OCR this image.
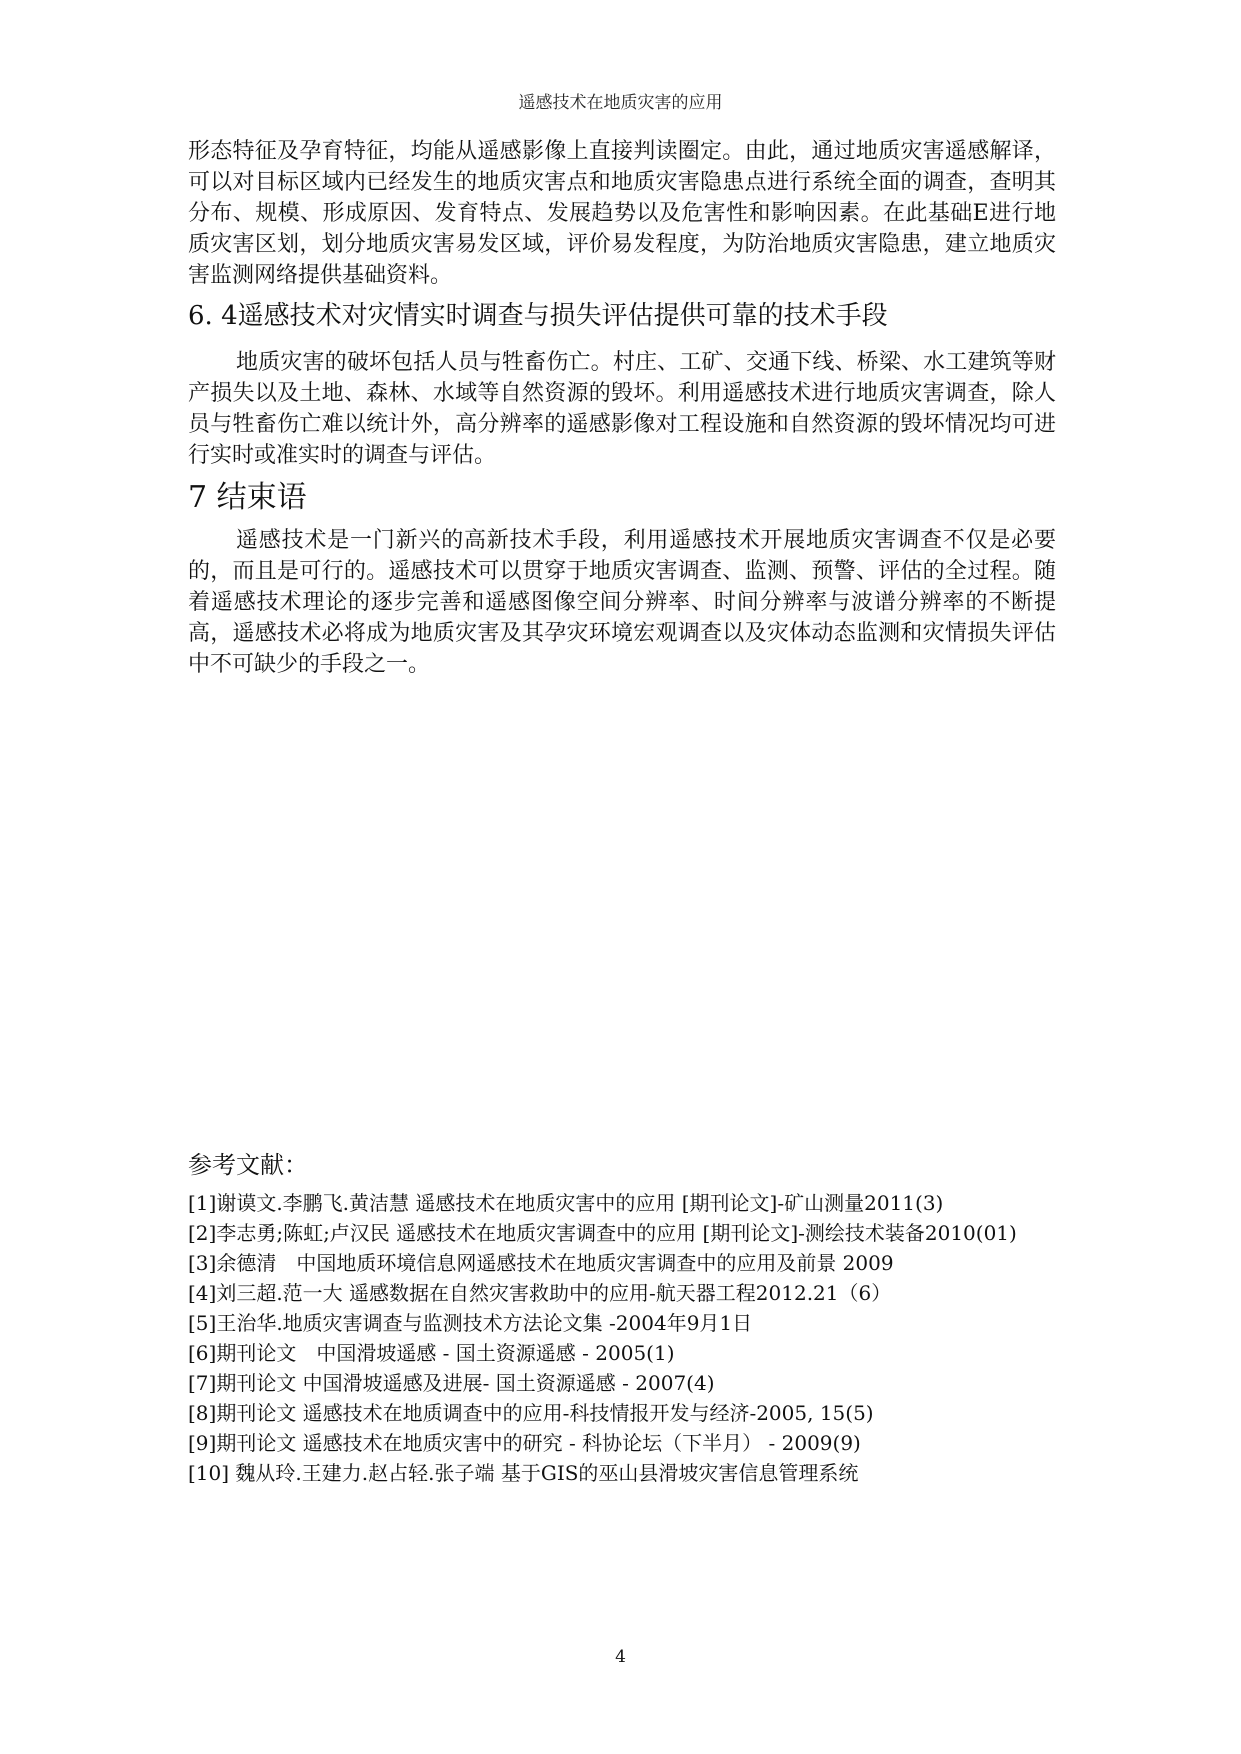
遥感技术在地质灾害的应用

形态特征及孕育特征，均能从遥感影像上直接判读圈定。由此，通过地质灾害遥感解译，可以对目标区域内已经发生的地质灾害点和地质灾害隐患点进行系统全面的调查，查明其分布、规模、形成原因、发育特点、发展趋势以及危害性和影响因素。在此基础E进行地质灾害区划，划分地质灾害易发区域，评价易发程度，为防治地质灾害隐患，建立地质灾害监测网络提供基础资料。

6. 4遥感技术对灾情实时调查与损失评估提供可靠的技术手段

地质灾害的破坏包括人员与牲畜伤亡。村庄、工矿、交通下线、桥梁、水工建筑等财产损失以及土地、森林、水域等自然资源的毁坏。利用遥感技术进行地质灾害调查，除人员与牲畜伤亡难以统计外，高分辨率的遥感影像对工程设施和自然资源的毁坏情况均可进行实时或准实时的调查与评估。

7 结束语

遥感技术是一门新兴的高新技术手段，利用遥感技术开展地质灾害调查不仅是必要的，而且是可行的。遥感技术可以贯穿于地质灾害调查、监测、预警、评估的全过程。随着遥感技术理论的逐步完善和遥感图像空间分辨率、时间分辨率与波谱分辨率的不断提高，遥感技术必将成为地质灾害及其孕灾环境宏观调查以及灾体动态监测和灾情损失评估中不可缺少的手段之一。

参考文献：
[1]谢谟文.李鹏飞.黄洁慧 遥感技术在地质灾害中的应用 [期刊论文]-矿山测量2011(3)
[2]李志勇;陈虹;卢汉民 遥感技术在地质灾害调查中的应用 [期刊论文]-测绘技术装备2010(01)
[3]余德清　中国地质环境信息网遥感技术在地质灾害调查中的应用及前景 2009
[4]刘三超.范一大 遥感数据在自然灾害救助中的应用-航天器工程2012.21（6）
[5]王治华.地质灾害调查与监测技术方法论文集 -2004年9月1日
[6]期刊论文　中国滑坡遥感 - 国土资源遥感 - 2005(1)
[7]期刊论文 中国滑坡遥感及进展- 国土资源遥感 - 2007(4)
[8]期刊论文 遥感技术在地质调查中的应用-科技情报开发与经济-2005, 15(5)
[9]期刊论文 遥感技术在地质灾害中的研究 - 科协论坛（下半月） - 2009(9)
[10] 魏从玲.王建力.赵占轻.张子端 基于GIS的巫山县滑坡灾害信息管理系统
4
